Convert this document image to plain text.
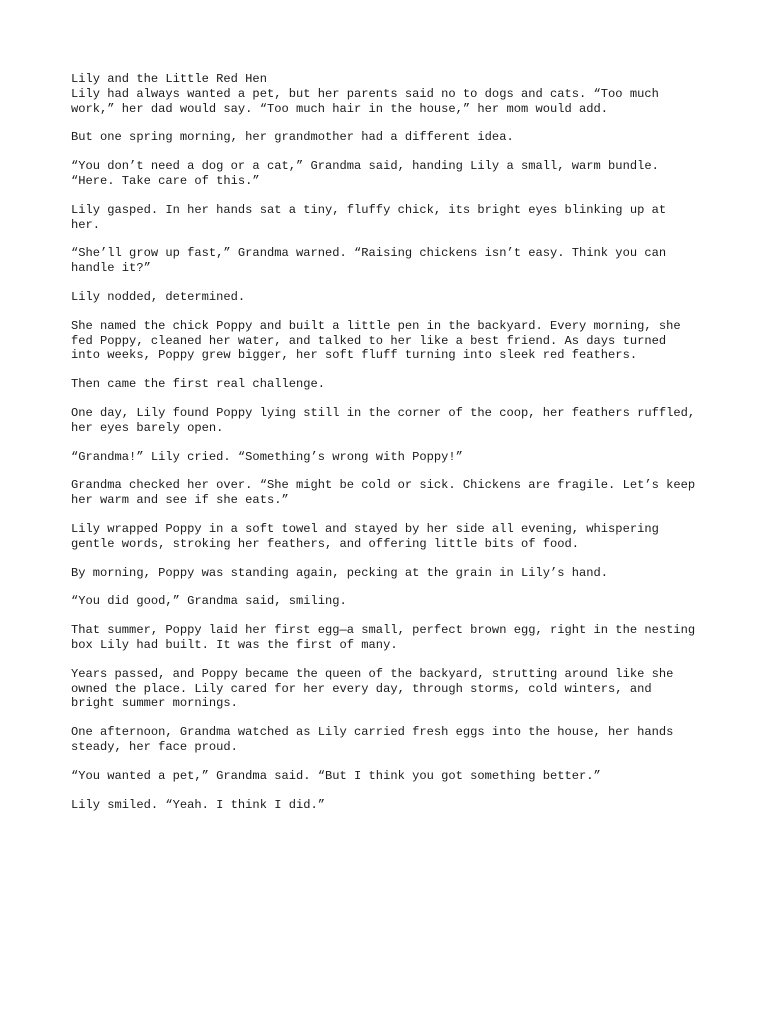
Lily and the Little Red Hen

Lily had always wanted a pet, but her parents said no to dogs and cats. “Too much work,” her dad would say. “Too much hair in the house,” her mom would add.

But one spring morning, her grandmother had a different idea.

“You don’t need a dog or a cat,” Grandma said, handing Lily a small, warm bundle. “Here. Take care of this.”

Lily gasped. In her hands sat a tiny, fluffy chick, its bright eyes blinking up at her.

“She’ll grow up fast,” Grandma warned. “Raising chickens isn’t easy. Think you can handle it?”

Lily nodded, determined.

She named the chick Poppy and built a little pen in the backyard. Every morning, she fed Poppy, cleaned her water, and talked to her like a best friend. As days turned into weeks, Poppy grew bigger, her soft fluff turning into sleek red feathers.

Then came the first real challenge.

One day, Lily found Poppy lying still in the corner of the coop, her feathers ruffled, her eyes barely open.

“Grandma!” Lily cried. “Something’s wrong with Poppy!”

Grandma checked her over. “She might be cold or sick. Chickens are fragile. Let’s keep her warm and see if she eats.”

Lily wrapped Poppy in a soft towel and stayed by her side all evening, whispering gentle words, stroking her feathers, and offering little bits of food.

By morning, Poppy was standing again, pecking at the grain in Lily’s hand.

“You did good,” Grandma said, smiling.

That summer, Poppy laid her first egg—a small, perfect brown egg, right in the nesting box Lily had built. It was the first of many.

Years passed, and Poppy became the queen of the backyard, strutting around like she owned the place. Lily cared for her every day, through storms, cold winters, and bright summer mornings.

One afternoon, Grandma watched as Lily carried fresh eggs into the house, her hands steady, her face proud.

“You wanted a pet,” Grandma said. “But I think you got something better.”

Lily smiled. “Yeah. I think I did.”
